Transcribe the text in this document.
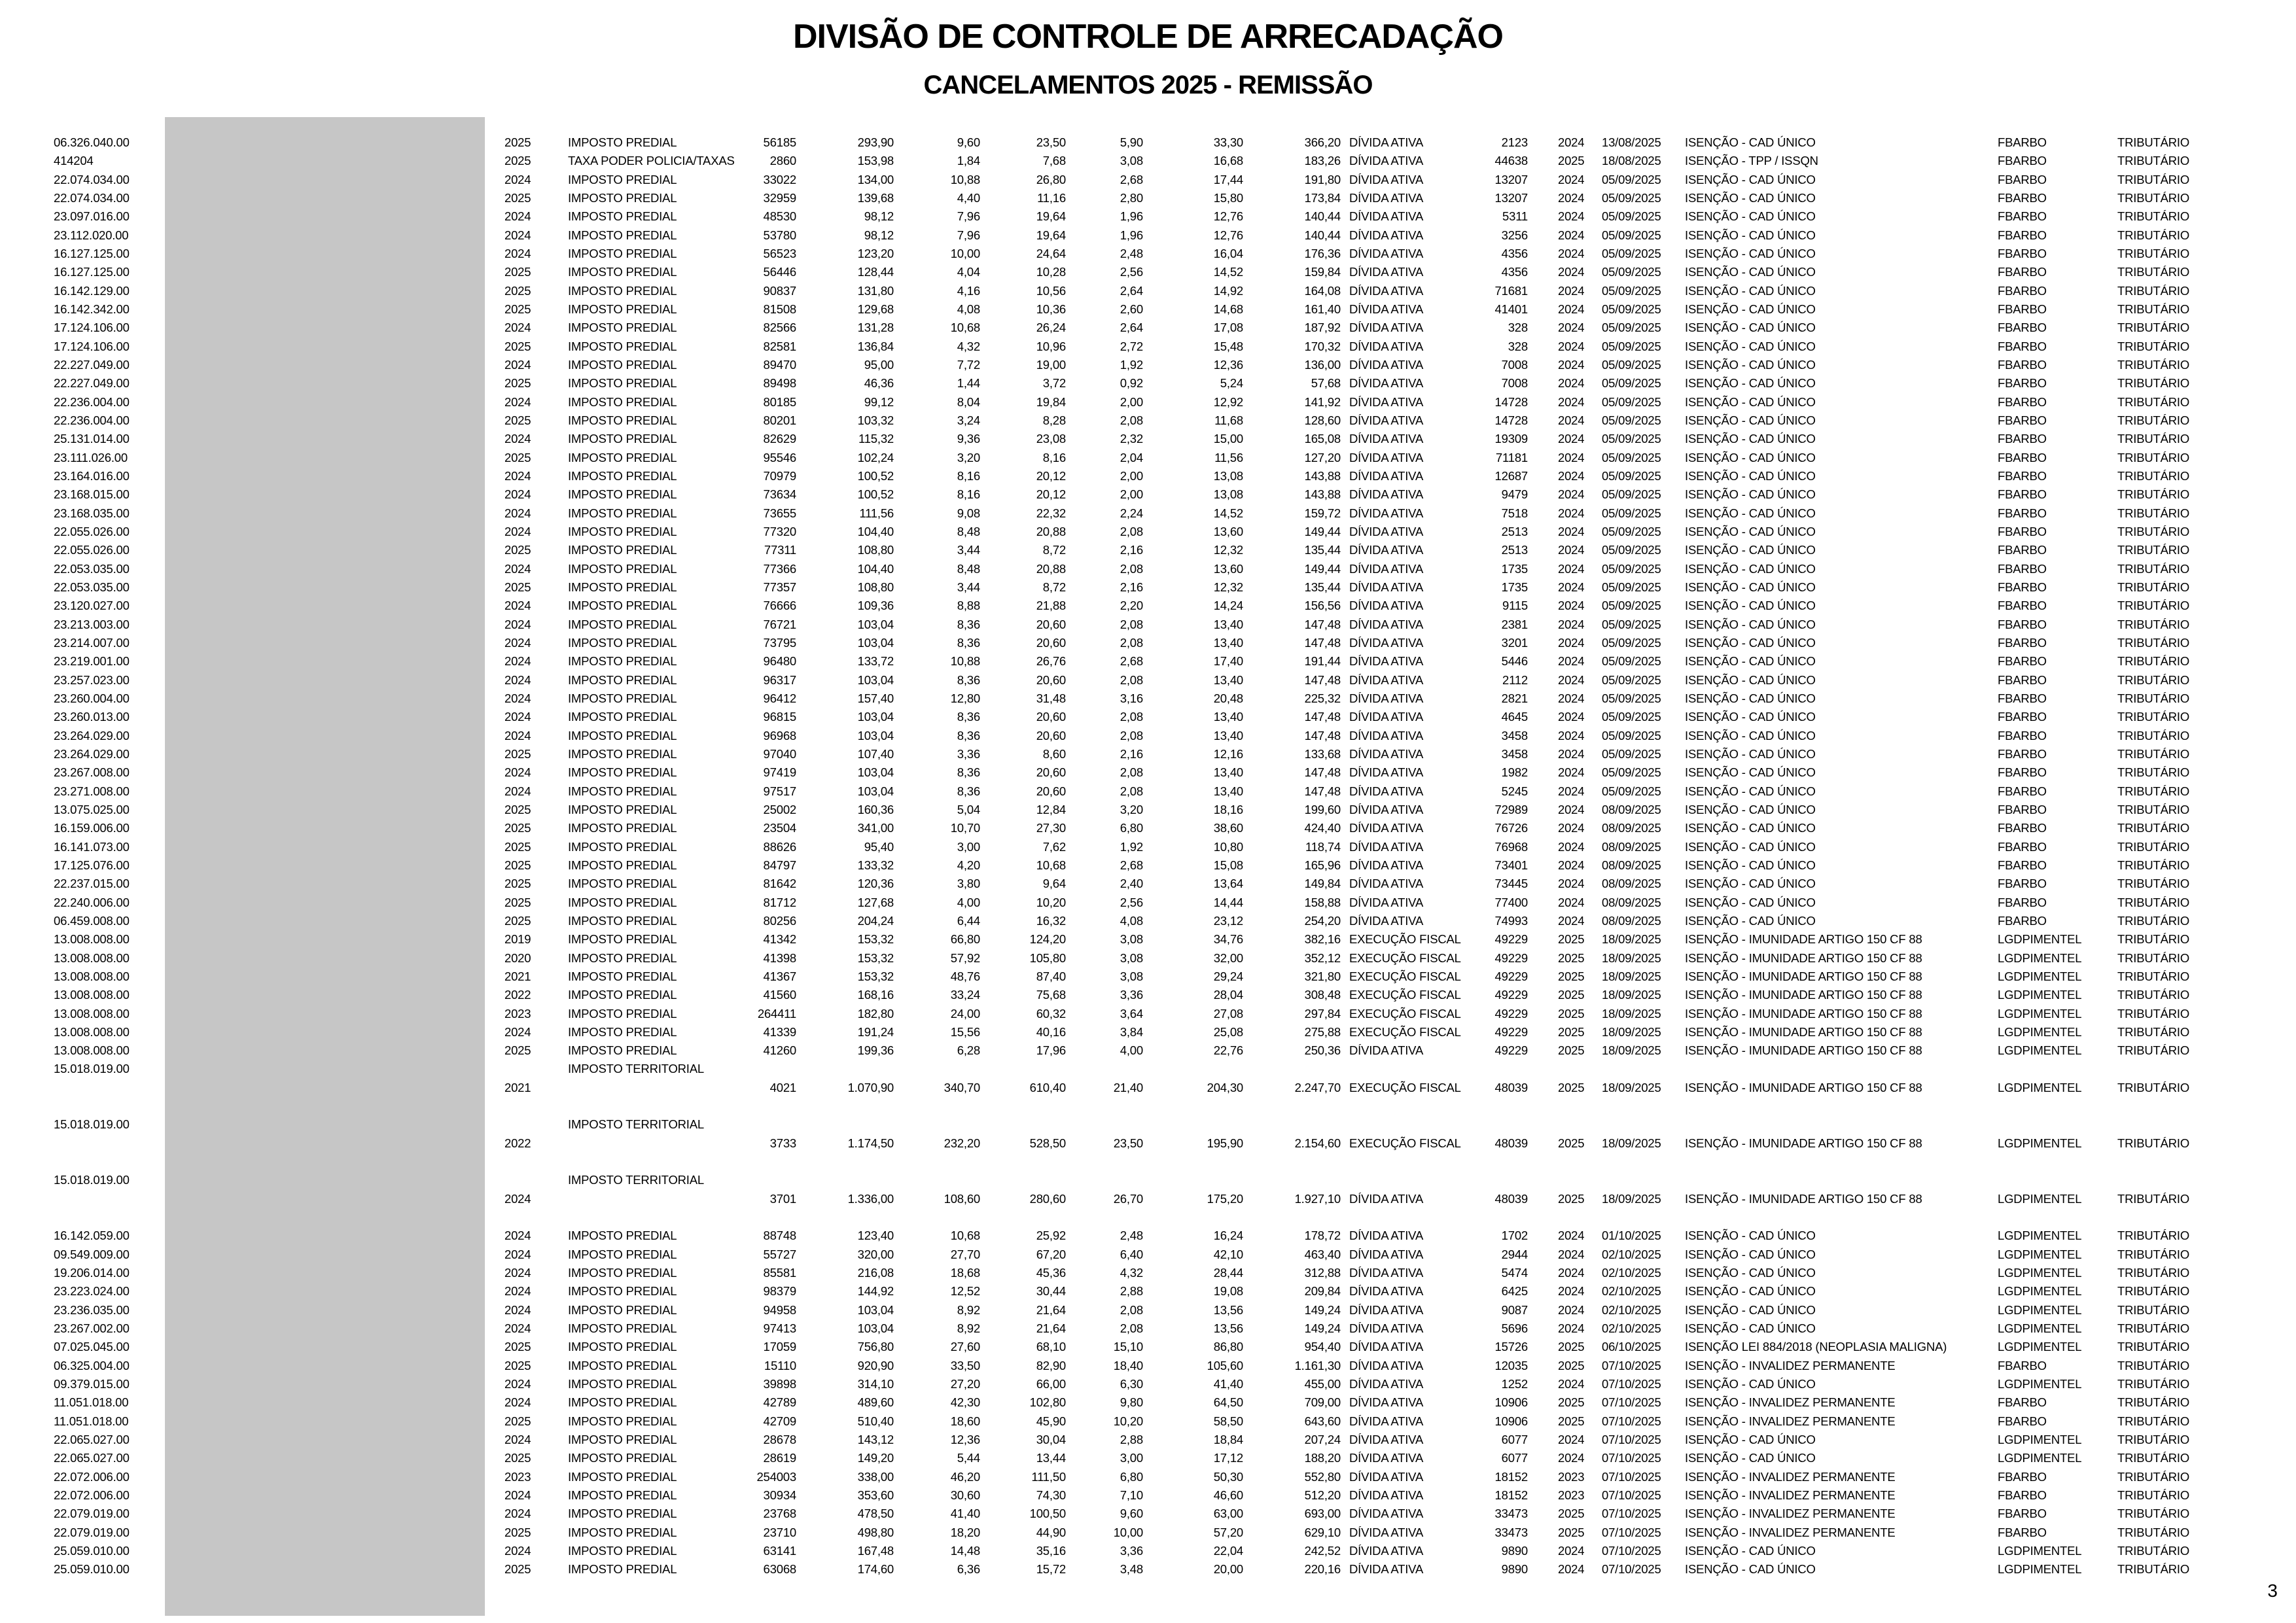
DIVISÃO DE CONTROLE DE ARRECADAÇÃO
CANCELAMENTOS 2025 - REMISSÃO
06.326.040.00	2025	IMPOSTO PREDIAL	56185	293,90	9,60	23,50	5,90	33,30	366,20 DÍVIDA ATIVA	2123 2024 13/08/2025 ISENÇÃO - CAD ÚNICO	FBARBO	TRIBUTÁRIO
414204	2025	TAXA PODER POLICIA/TAXAS	2860	153,98	1,84	7,68	3,08	16,68	183,26 DÍVIDA ATIVA	44638 2025 18/08/2025 ISENÇÃO - TPP / ISSQN	FBARBO	TRIBUTÁRIO
22.074.034.00	2024	IMPOSTO PREDIAL	33022	134,00	10,88	26,80	2,68	17,44	191,80 DÍVIDA ATIVA	13207 2024 05/09/2025 ISENÇÃO - CAD ÚNICO	FBARBO	TRIBUTÁRIO
22.074.034.00	2025	IMPOSTO PREDIAL	32959	139,68	4,40	11,16	2,80	15,80	173,84 DÍVIDA ATIVA	13207 2024 05/09/2025 ISENÇÃO - CAD ÚNICO	FBARBO	TRIBUTÁRIO
23.097.016.00	2024	IMPOSTO PREDIAL	48530	98,12	7,96	19,64	1,96	12,76	140,44 DÍVIDA ATIVA	5311 2024 05/09/2025 ISENÇÃO - CAD ÚNICO	FBARBO	TRIBUTÁRIO
23.112.020.00	2024	IMPOSTO PREDIAL	53780	98,12	7,96	19,64	1,96	12,76	140,44 DÍVIDA ATIVA	3256 2024 05/09/2025 ISENÇÃO - CAD ÚNICO	FBARBO	TRIBUTÁRIO
16.127.125.00	2024	IMPOSTO PREDIAL	56523	123,20	10,00	24,64	2,48	16,04	176,36 DÍVIDA ATIVA	4356 2024 05/09/2025 ISENÇÃO - CAD ÚNICO	FBARBO	TRIBUTÁRIO
16.127.125.00	2025	IMPOSTO PREDIAL	56446	128,44	4,04	10,28	2,56	14,52	159,84 DÍVIDA ATIVA	4356 2024 05/09/2025 ISENÇÃO - CAD ÚNICO	FBARBO	TRIBUTÁRIO
16.142.129.00	2025	IMPOSTO PREDIAL	90837	131,80	4,16	10,56	2,64	14,92	164,08 DÍVIDA ATIVA	71681 2024 05/09/2025 ISENÇÃO - CAD ÚNICO	FBARBO	TRIBUTÁRIO
16.142.342.00	2025	IMPOSTO PREDIAL	81508	129,68	4,08	10,36	2,60	14,68	161,40 DÍVIDA ATIVA	41401 2024 05/09/2025 ISENÇÃO - CAD ÚNICO	FBARBO	TRIBUTÁRIO
17.124.106.00	2024	IMPOSTO PREDIAL	82566	131,28	10,68	26,24	2,64	17,08	187,92 DÍVIDA ATIVA	328 2024 05/09/2025 ISENÇÃO - CAD ÚNICO	FBARBO	TRIBUTÁRIO
17.124.106.00	2025	IMPOSTO PREDIAL	82581	136,84	4,32	10,96	2,72	15,48	170,32 DÍVIDA ATIVA	328 2024 05/09/2025 ISENÇÃO - CAD ÚNICO	FBARBO	TRIBUTÁRIO
22.227.049.00	2024	IMPOSTO PREDIAL	89470	95,00	7,72	19,00	1,92	12,36	136,00 DÍVIDA ATIVA	7008 2024 05/09/2025 ISENÇÃO - CAD ÚNICO	FBARBO	TRIBUTÁRIO
22.227.049.00	2025	IMPOSTO PREDIAL	89498	46,36	1,44	3,72	0,92	5,24	57,68 DÍVIDA ATIVA	7008 2024 05/09/2025 ISENÇÃO - CAD ÚNICO	FBARBO	TRIBUTÁRIO
22.236.004.00	2024	IMPOSTO PREDIAL	80185	99,12	8,04	19,84	2,00	12,92	141,92 DÍVIDA ATIVA	14728 2024 05/09/2025 ISENÇÃO - CAD ÚNICO	FBARBO	TRIBUTÁRIO
22.236.004.00	2025	IMPOSTO PREDIAL	80201	103,32	3,24	8,28	2,08	11,68	128,60 DÍVIDA ATIVA	14728 2024 05/09/2025 ISENÇÃO - CAD ÚNICO	FBARBO	TRIBUTÁRIO
25.131.014.00	2024	IMPOSTO PREDIAL	82629	115,32	9,36	23,08	2,32	15,00	165,08 DÍVIDA ATIVA	19309 2024 05/09/2025 ISENÇÃO - CAD ÚNICO	FBARBO	TRIBUTÁRIO
23.111.026.00	2025	IMPOSTO PREDIAL	95546	102,24	3,20	8,16	2,04	11,56	127,20 DÍVIDA ATIVA	71181 2024 05/09/2025 ISENÇÃO - CAD ÚNICO	FBARBO	TRIBUTÁRIO
23.164.016.00	2024	IMPOSTO PREDIAL	70979	100,52	8,16	20,12	2,00	13,08	143,88 DÍVIDA ATIVA	12687 2024 05/09/2025 ISENÇÃO - CAD ÚNICO	FBARBO	TRIBUTÁRIO
23.168.015.00	2024	IMPOSTO PREDIAL	73634	100,52	8,16	20,12	2,00	13,08	143,88 DÍVIDA ATIVA	9479 2024 05/09/2025 ISENÇÃO - CAD ÚNICO	FBARBO	TRIBUTÁRIO
23.168.035.00	2024	IMPOSTO PREDIAL	73655	111,56	9,08	22,32	2,24	14,52	159,72 DÍVIDA ATIVA	7518 2024 05/09/2025 ISENÇÃO - CAD ÚNICO	FBARBO	TRIBUTÁRIO
22.055.026.00	2024	IMPOSTO PREDIAL	77320	104,40	8,48	20,88	2,08	13,60	149,44 DÍVIDA ATIVA	2513 2024 05/09/2025 ISENÇÃO - CAD ÚNICO	FBARBO	TRIBUTÁRIO
22.055.026.00	2025	IMPOSTO PREDIAL	77311	108,80	3,44	8,72	2,16	12,32	135,44 DÍVIDA ATIVA	2513 2024 05/09/2025 ISENÇÃO - CAD ÚNICO	FBARBO	TRIBUTÁRIO
22.053.035.00	2024	IMPOSTO PREDIAL	77366	104,40	8,48	20,88	2,08	13,60	149,44 DÍVIDA ATIVA	1735 2024 05/09/2025 ISENÇÃO - CAD ÚNICO	FBARBO	TRIBUTÁRIO
22.053.035.00	2025	IMPOSTO PREDIAL	77357	108,80	3,44	8,72	2,16	12,32	135,44 DÍVIDA ATIVA	1735 2024 05/09/2025 ISENÇÃO - CAD ÚNICO	FBARBO	TRIBUTÁRIO
23.120.027.00	2024	IMPOSTO PREDIAL	76666	109,36	8,88	21,88	2,20	14,24	156,56 DÍVIDA ATIVA	9115 2024 05/09/2025 ISENÇÃO - CAD ÚNICO	FBARBO	TRIBUTÁRIO
23.213.003.00	2024	IMPOSTO PREDIAL	76721	103,04	8,36	20,60	2,08	13,40	147,48 DÍVIDA ATIVA	2381 2024 05/09/2025 ISENÇÃO - CAD ÚNICO	FBARBO	TRIBUTÁRIO
23.214.007.00	2024	IMPOSTO PREDIAL	73795	103,04	8,36	20,60	2,08	13,40	147,48 DÍVIDA ATIVA	3201 2024 05/09/2025 ISENÇÃO - CAD ÚNICO	FBARBO	TRIBUTÁRIO
23.219.001.00	2024	IMPOSTO PREDIAL	96480	133,72	10,88	26,76	2,68	17,40	191,44 DÍVIDA ATIVA	5446 2024 05/09/2025 ISENÇÃO - CAD ÚNICO	FBARBO	TRIBUTÁRIO
23.257.023.00	2024	IMPOSTO PREDIAL	96317	103,04	8,36	20,60	2,08	13,40	147,48 DÍVIDA ATIVA	2112 2024 05/09/2025 ISENÇÃO - CAD ÚNICO	FBARBO	TRIBUTÁRIO
23.260.004.00	2024	IMPOSTO PREDIAL	96412	157,40	12,80	31,48	3,16	20,48	225,32 DÍVIDA ATIVA	2821 2024 05/09/2025 ISENÇÃO - CAD ÚNICO	FBARBO	TRIBUTÁRIO
23.260.013.00	2024	IMPOSTO PREDIAL	96815	103,04	8,36	20,60	2,08	13,40	147,48 DÍVIDA ATIVA	4645 2024 05/09/2025 ISENÇÃO - CAD ÚNICO	FBARBO	TRIBUTÁRIO
23.264.029.00	2024	IMPOSTO PREDIAL	96968	103,04	8,36	20,60	2,08	13,40	147,48 DÍVIDA ATIVA	3458 2024 05/09/2025 ISENÇÃO - CAD ÚNICO	FBARBO	TRIBUTÁRIO
23.264.029.00	2025	IMPOSTO PREDIAL	97040	107,40	3,36	8,60	2,16	12,16	133,68 DÍVIDA ATIVA	3458 2024 05/09/2025 ISENÇÃO - CAD ÚNICO	FBARBO	TRIBUTÁRIO
23.267.008.00	2024	IMPOSTO PREDIAL	97419	103,04	8,36	20,60	2,08	13,40	147,48 DÍVIDA ATIVA	1982 2024 05/09/2025 ISENÇÃO - CAD ÚNICO	FBARBO	TRIBUTÁRIO
23.271.008.00	2024	IMPOSTO PREDIAL	97517	103,04	8,36	20,60	2,08	13,40	147,48 DÍVIDA ATIVA	5245 2024 05/09/2025 ISENÇÃO - CAD ÚNICO	FBARBO	TRIBUTÁRIO
13.075.025.00	2025	IMPOSTO PREDIAL	25002	160,36	5,04	12,84	3,20	18,16	199,60 DÍVIDA ATIVA	72989 2024 08/09/2025 ISENÇÃO - CAD ÚNICO	FBARBO	TRIBUTÁRIO
16.159.006.00	2025	IMPOSTO PREDIAL	23504	341,00	10,70	27,30	6,80	38,60	424,40 DÍVIDA ATIVA	76726 2024 08/09/2025 ISENÇÃO - CAD ÚNICO	FBARBO	TRIBUTÁRIO
16.141.073.00	2025	IMPOSTO PREDIAL	88626	95,40	3,00	7,62	1,92	10,80	118,74 DÍVIDA ATIVA	76968 2024 08/09/2025 ISENÇÃO - CAD ÚNICO	FBARBO	TRIBUTÁRIO
17.125.076.00	2025	IMPOSTO PREDIAL	84797	133,32	4,20	10,68	2,68	15,08	165,96 DÍVIDA ATIVA	73401 2024 08/09/2025 ISENÇÃO - CAD ÚNICO	FBARBO	TRIBUTÁRIO
22.237.015.00	2025	IMPOSTO PREDIAL	81642	120,36	3,80	9,64	2,40	13,64	149,84 DÍVIDA ATIVA	73445 2024 08/09/2025 ISENÇÃO - CAD ÚNICO	FBARBO	TRIBUTÁRIO
22.240.006.00	2025	IMPOSTO PREDIAL	81712	127,68	4,00	10,20	2,56	14,44	158,88 DÍVIDA ATIVA	77400 2024 08/09/2025 ISENÇÃO - CAD ÚNICO	FBARBO	TRIBUTÁRIO
06.459.008.00	2025	IMPOSTO PREDIAL	80256	204,24	6,44	16,32	4,08	23,12	254,20 DÍVIDA ATIVA	74993 2024 08/09/2025 ISENÇÃO - CAD ÚNICO	FBARBO	TRIBUTÁRIO
13.008.008.00	2019	IMPOSTO PREDIAL	41342	153,32	66,80	124,20	3,08	34,76	382,16 EXECUÇÃO FISCAL	49229 2025 18/09/2025 ISENÇÃO - IMUNIDADE ARTIGO 150 CF 88	LGDPIMENTEL	TRIBUTÁRIO
13.008.008.00	2020	IMPOSTO PREDIAL	41398	153,32	57,92	105,80	3,08	32,00	352,12 EXECUÇÃO FISCAL	49229 2025 18/09/2025 ISENÇÃO - IMUNIDADE ARTIGO 150 CF 88	LGDPIMENTEL	TRIBUTÁRIO
13.008.008.00	2021	IMPOSTO PREDIAL	41367	153,32	48,76	87,40	3,08	29,24	321,80 EXECUÇÃO FISCAL	49229 2025 18/09/2025 ISENÇÃO - IMUNIDADE ARTIGO 150 CF 88	LGDPIMENTEL	TRIBUTÁRIO
13.008.008.00	2022	IMPOSTO PREDIAL	41560	168,16	33,24	75,68	3,36	28,04	308,48 EXECUÇÃO FISCAL	49229 2025 18/09/2025 ISENÇÃO - IMUNIDADE ARTIGO 150 CF 88	LGDPIMENTEL	TRIBUTÁRIO
13.008.008.00	2023	IMPOSTO PREDIAL	264411	182,80	24,00	60,32	3,64	27,08	297,84 EXECUÇÃO FISCAL	49229 2025 18/09/2025 ISENÇÃO - IMUNIDADE ARTIGO 150 CF 88	LGDPIMENTEL	TRIBUTÁRIO
13.008.008.00	2024	IMPOSTO PREDIAL	41339	191,24	15,56	40,16	3,84	25,08	275,88 EXECUÇÃO FISCAL	49229 2025 18/09/2025 ISENÇÃO - IMUNIDADE ARTIGO 150 CF 88	LGDPIMENTEL	TRIBUTÁRIO
13.008.008.00	2025	IMPOSTO PREDIAL	41260	199,36	6,28	17,96	4,00	22,76	250,36 DÍVIDA ATIVA	49229 2025 18/09/2025 ISENÇÃO - IMUNIDADE ARTIGO 150 CF 88	LGDPIMENTEL	TRIBUTÁRIO
15.018.019.00	IMPOSTO TERRITORIAL
2021	4021	1.070,90	340,70	610,40	21,40	204,30	2.247,70 EXECUÇÃO FISCAL	48039 2025 18/09/2025 ISENÇÃO - IMUNIDADE ARTIGO 150 CF 88	LGDPIMENTEL	TRIBUTÁRIO
15.018.019.00	IMPOSTO TERRITORIAL
2022	3733	1.174,50	232,20	528,50	23,50	195,90	2.154,60 EXECUÇÃO FISCAL	48039 2025 18/09/2025 ISENÇÃO - IMUNIDADE ARTIGO 150 CF 88	LGDPIMENTEL	TRIBUTÁRIO
15.018.019.00	IMPOSTO TERRITORIAL
2024	3701	1.336,00	108,60	280,60	26,70	175,20	1.927,10 DÍVIDA ATIVA	48039 2025 18/09/2025 ISENÇÃO - IMUNIDADE ARTIGO 150 CF 88	LGDPIMENTEL	TRIBUTÁRIO
16.142.059.00	2024	IMPOSTO PREDIAL	88748	123,40	10,68	25,92	2,48	16,24	178,72 DÍVIDA ATIVA	1702 2024 01/10/2025 ISENÇÃO - CAD ÚNICO	LGDPIMENTEL	TRIBUTÁRIO
09.549.009.00	2024	IMPOSTO PREDIAL	55727	320,00	27,70	67,20	6,40	42,10	463,40 DÍVIDA ATIVA	2944 2024 02/10/2025 ISENÇÃO - CAD ÚNICO	LGDPIMENTEL	TRIBUTÁRIO
19.206.014.00	2024	IMPOSTO PREDIAL	85581	216,08	18,68	45,36	4,32	28,44	312,88 DÍVIDA ATIVA	5474 2024 02/10/2025 ISENÇÃO - CAD ÚNICO	LGDPIMENTEL	TRIBUTÁRIO
23.223.024.00	2024	IMPOSTO PREDIAL	98379	144,92	12,52	30,44	2,88	19,08	209,84 DÍVIDA ATIVA	6425 2024 02/10/2025 ISENÇÃO - CAD ÚNICO	LGDPIMENTEL	TRIBUTÁRIO
23.236.035.00	2024	IMPOSTO PREDIAL	94958	103,04	8,92	21,64	2,08	13,56	149,24 DÍVIDA ATIVA	9087 2024 02/10/2025 ISENÇÃO - CAD ÚNICO	LGDPIMENTEL	TRIBUTÁRIO
23.267.002.00	2024	IMPOSTO PREDIAL	97413	103,04	8,92	21,64	2,08	13,56	149,24 DÍVIDA ATIVA	5696 2024 02/10/2025 ISENÇÃO - CAD ÚNICO	LGDPIMENTEL	TRIBUTÁRIO
07.025.045.00	2025	IMPOSTO PREDIAL	17059	756,80	27,60	68,10	15,10	86,80	954,40 DÍVIDA ATIVA	15726 2025 06/10/2025 ISENÇÃO LEI 884/2018 (NEOPLASIA MALIGNA)	LGDPIMENTEL	TRIBUTÁRIO
06.325.004.00	2025	IMPOSTO PREDIAL	15110	920,90	33,50	82,90	18,40	105,60	1.161,30 DÍVIDA ATIVA	12035 2025 07/10/2025 ISENÇÃO - INVALIDEZ PERMANENTE	FBARBO	TRIBUTÁRIO
09.379.015.00	2024	IMPOSTO PREDIAL	39898	314,10	27,20	66,00	6,30	41,40	455,00 DÍVIDA ATIVA	1252 2024 07/10/2025 ISENÇÃO - CAD ÚNICO	LGDPIMENTEL	TRIBUTÁRIO
11.051.018.00	2024	IMPOSTO PREDIAL	42789	489,60	42,30	102,80	9,80	64,50	709,00 DÍVIDA ATIVA	10906 2025 07/10/2025 ISENÇÃO - INVALIDEZ PERMANENTE	FBARBO	TRIBUTÁRIO
11.051.018.00	2025	IMPOSTO PREDIAL	42709	510,40	18,60	45,90	10,20	58,50	643,60 DÍVIDA ATIVA	10906 2025 07/10/2025 ISENÇÃO - INVALIDEZ PERMANENTE	FBARBO	TRIBUTÁRIO
22.065.027.00	2024	IMPOSTO PREDIAL	28678	143,12	12,36	30,04	2,88	18,84	207,24 DÍVIDA ATIVA	6077 2024 07/10/2025 ISENÇÃO - CAD ÚNICO	LGDPIMENTEL	TRIBUTÁRIO
22.065.027.00	2025	IMPOSTO PREDIAL	28619	149,20	5,44	13,44	3,00	17,12	188,20 DÍVIDA ATIVA	6077 2024 07/10/2025 ISENÇÃO - CAD ÚNICO	LGDPIMENTEL	TRIBUTÁRIO
22.072.006.00	2023	IMPOSTO PREDIAL	254003	338,00	46,20	111,50	6,80	50,30	552,80 DÍVIDA ATIVA	18152 2023 07/10/2025 ISENÇÃO - INVALIDEZ PERMANENTE	FBARBO	TRIBUTÁRIO
22.072.006.00	2024	IMPOSTO PREDIAL	30934	353,60	30,60	74,30	7,10	46,60	512,20 DÍVIDA ATIVA	18152 2023 07/10/2025 ISENÇÃO - INVALIDEZ PERMANENTE	FBARBO	TRIBUTÁRIO
22.079.019.00	2024	IMPOSTO PREDIAL	23768	478,50	41,40	100,50	9,60	63,00	693,00 DÍVIDA ATIVA	33473 2025 07/10/2025 ISENÇÃO - INVALIDEZ PERMANENTE	FBARBO	TRIBUTÁRIO
22.079.019.00	2025	IMPOSTO PREDIAL	23710	498,80	18,20	44,90	10,00	57,20	629,10 DÍVIDA ATIVA	33473 2025 07/10/2025 ISENÇÃO - INVALIDEZ PERMANENTE	FBARBO	TRIBUTÁRIO
25.059.010.00	2024	IMPOSTO PREDIAL	63141	167,48	14,48	35,16	3,36	22,04	242,52 DÍVIDA ATIVA	9890 2024 07/10/2025 ISENÇÃO - CAD ÚNICO	LGDPIMENTEL	TRIBUTÁRIO
25.059.010.00	2025	IMPOSTO PREDIAL	63068	174,60	6,36	15,72	3,48	20,00	220,16 DÍVIDA ATIVA	9890 2024 07/10/2025 ISENÇÃO - CAD ÚNICO	LGDPIMENTEL	TRIBUTÁRIO
3
